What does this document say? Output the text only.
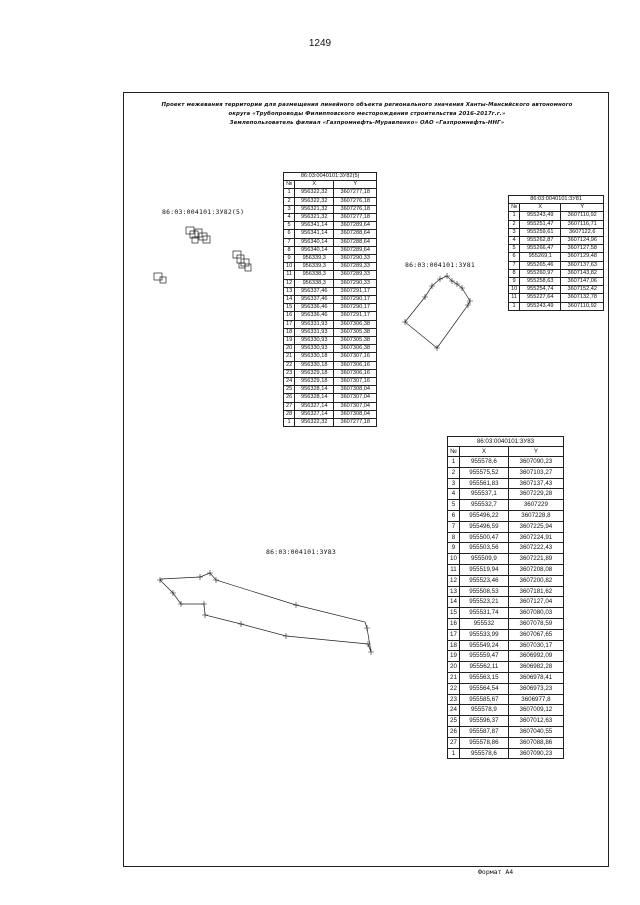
1249
Проект межевания территории для размещения линейного объекта регионального значения Ханты-Мансийского автономного
округа «Трубопроводы Филипповского месторождения строительства 2016-2017г.г.»
Землепользователь филиал «Газпромнефть-Муравленко» ОАО «Газпромнефть-ННГ»
86:03:004101:3У82(5)
86:03:004101:3У81
86:03:004101:3У83
86:03:0040101:3У82(5)		
№	X	Y
1	956322,32	3607277,18
2	956322,32	3607276,18
3	956321,32	3607276,18
4	956321,32	3607277,18
5	956341,14	3607289,64
6	956341,14	3607288,64
7	956340,14	3607288,64
8	956340,14	3607289,64
9	956339,3	3607290,33
10	956339,3	3607289,33
11	956338,3	3607289,33
12	956338,3	3607290,33
13	956337,46	3607291,17
14	956337,46	3607290,17
15	956336,46	3607290,17
16	956336,46	3607291,17
17	956331,93	3607306,38
18	956331,93	3607305,38
19	956330,93	3607305,38
20	956330,93	3607306,38
21	956330,18	3607307,16
22	956330,18	3607306,16
23	956329,18	3607306,16
24	956329,18	3607307,16
25	956328,14	3607308,04
26	956328,14	3607307,04
27	956327,14	3607307,04
28	956327,14	3607308,04
1	956322,32	3607277,18
86:03:0040101:3У81		
№	X	Y
1	955243,49	3607110,92
2	955251,47	3607116,71
3	955259,61	3607122,6
4	955262,87	3607124,96
5	955266,47	3607127,58
6	955269,1	3607129,48
7	955265,46	3607137,63
8	955260,97	3607143,82
9	955258,63	3607147,06
10	955254,74	3607152,42
11	955227,64	3607132,78
1	955243,49	3607110,92
86:03:0040101:3У83		
№	X	Y
1	955578,6	3607090,23
2	955575,52	3607103,27
3	955561,83	3607137,43
4	955537,1	3607229,28
5	955532,7	3607229
6	955496,22	3607228,8
7	955496,59	3607225,94
8	955500,47	3607224,91
9	955503,56	3607222,43
10	955509,9	3607221,89
11	955519,94	3607208,08
12	955523,46	3607200,82
13	955508,53	3607181,62
14	955523,21	3607127,04
15	955531,74	3607080,03
16	955532	3607078,59
17	955533,99	3607067,65
18	955549,24	3607030,17
19	955559,47	3606992,09
20	955562,11	3606982,28
21	955563,15	3606978,41
22	955564,54	3606973,23
23	955585,67	3606977,8
24	955578,9	3607009,12
25	955596,37	3607012,63
26	955587,87	3607040,55
27	955578,86	3607088,86
1	955578,6	3607090,23
Формат А4
